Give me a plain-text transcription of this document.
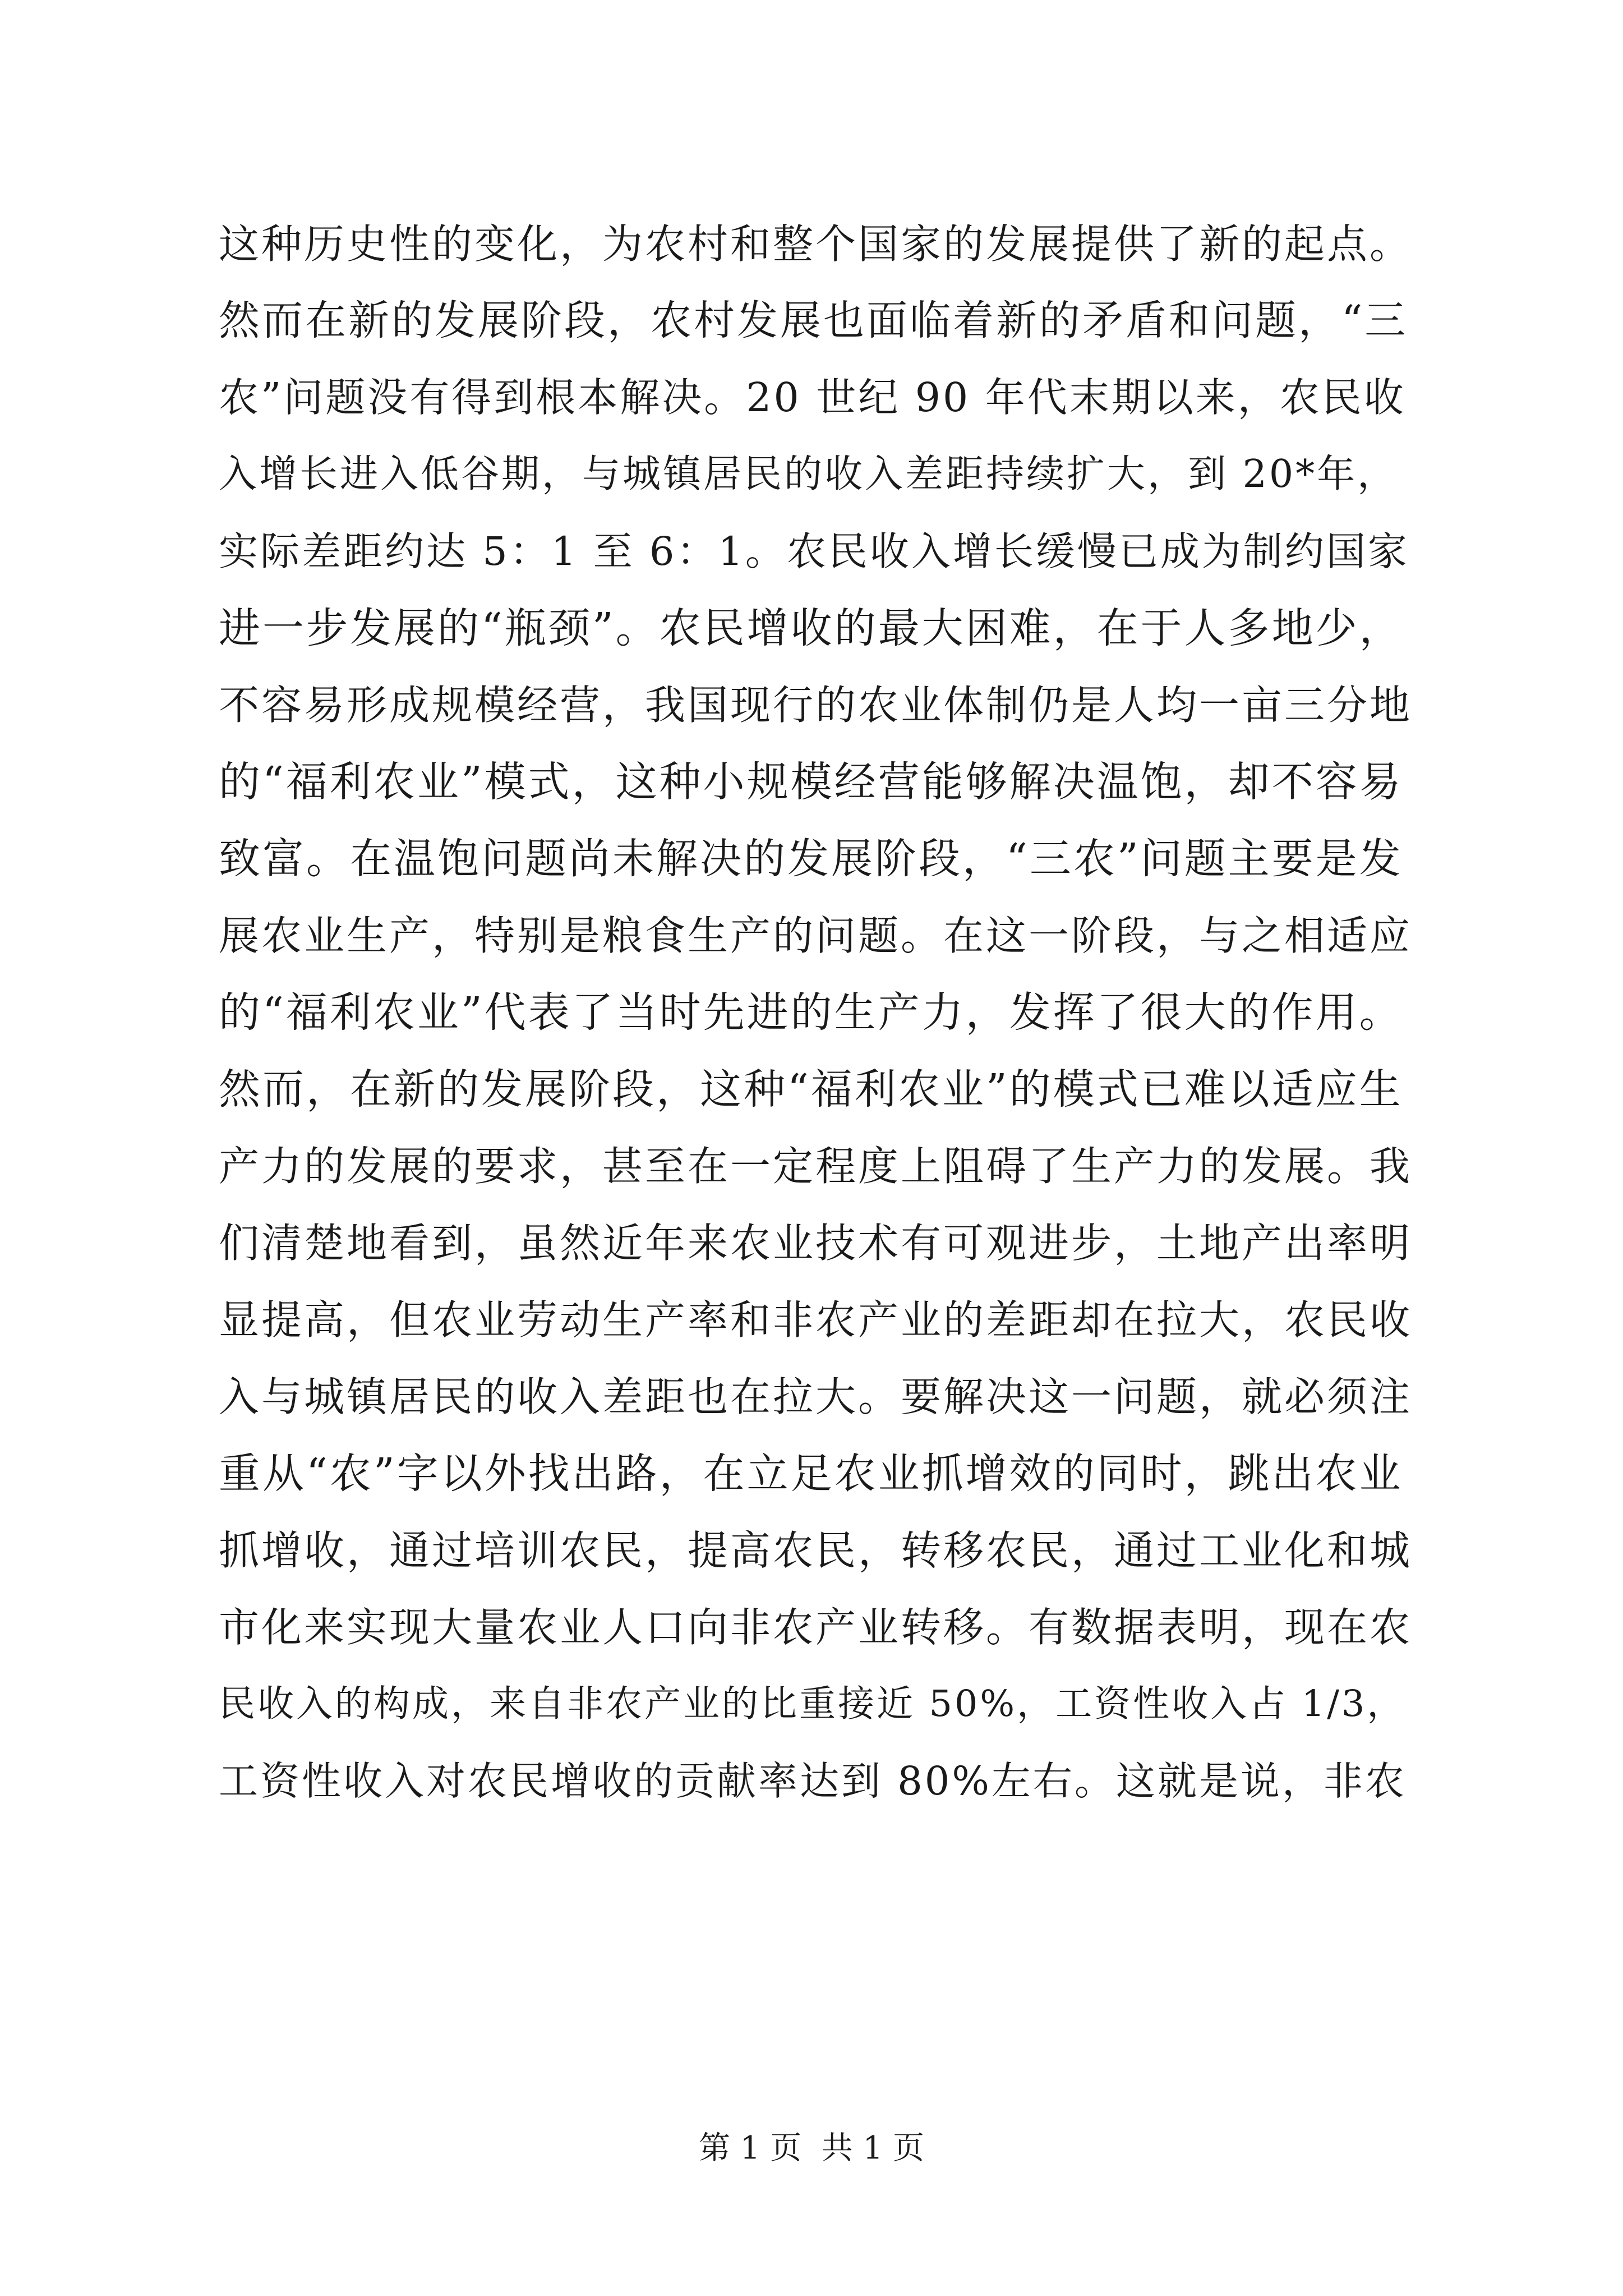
这种历史性的变化，为农村和整个国家的发展提供了新的起点。
然而在新的发展阶段，农村发展也面临着新的矛盾和问题，“三
农”问题没有得到根本解决。20 世纪 90 年代末期以来，农民收
入增长进入低谷期，与城镇居民的收入差距持续扩大，到 20*年，
实际差距约达 5：1 至 6：1。农民收入增长缓慢已成为制约国家
进一步发展的“瓶颈”。农民增收的最大困难，在于人多地少，
不容易形成规模经营，我国现行的农业体制仍是人均一亩三分地
的“福利农业”模式，这种小规模经营能够解决温饱，却不容易
致富。在温饱问题尚未解决的发展阶段，“三农”问题主要是发
展农业生产，特别是粮食生产的问题。在这一阶段，与之相适应
的“福利农业”代表了当时先进的生产力，发挥了很大的作用。
然而，在新的发展阶段，这种“福利农业”的模式已难以适应生
产力的发展的要求，甚至在一定程度上阻碍了生产力的发展。我
们清楚地看到，虽然近年来农业技术有可观进步，土地产出率明
显提高，但农业劳动生产率和非农产业的差距却在拉大，农民收
入与城镇居民的收入差距也在拉大。要解决这一问题，就必须注
重从“农”字以外找出路，在立足农业抓增效的同时，跳出农业
抓增收，通过培训农民，提高农民，转移农民，通过工业化和城
市化来实现大量农业人口向非农产业转移。有数据表明，现在农
民收入的构成，来自非农产业的比重接近 50%，工资性收入占 1/3，
工资性收入对农民增收的贡献率达到 80%左右。这就是说，非农
第 1 页  共 1 页
